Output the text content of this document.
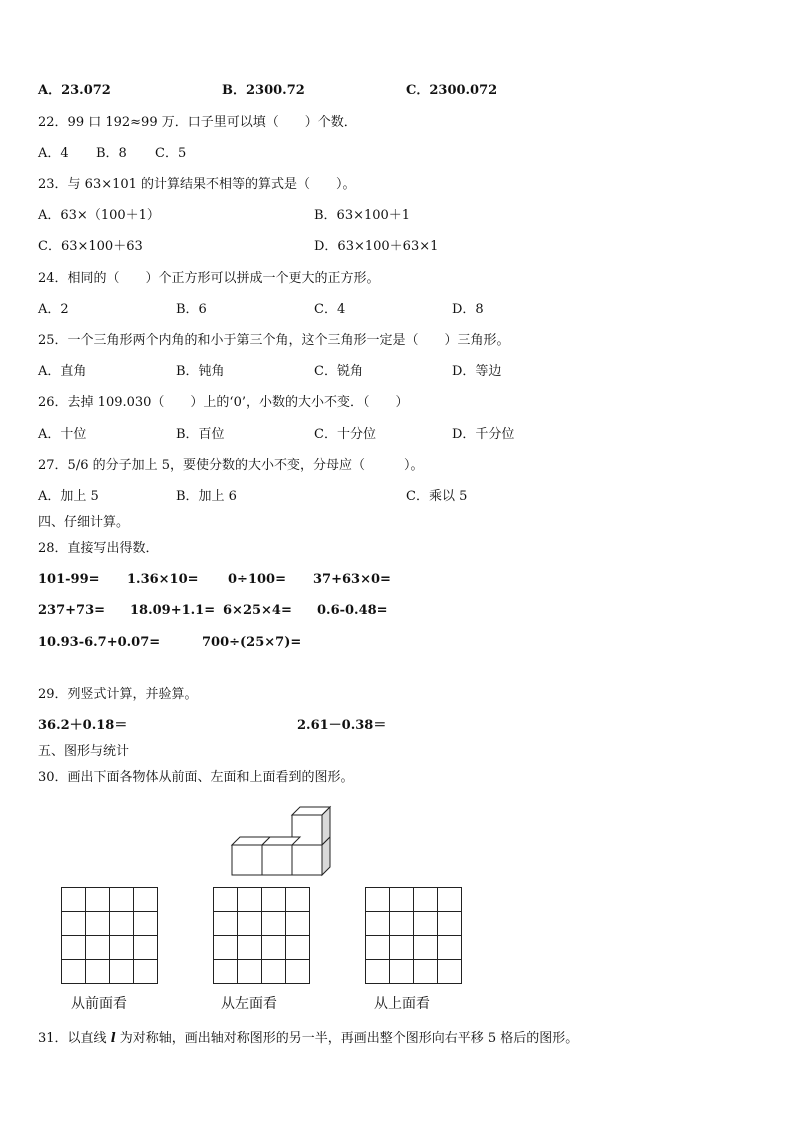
A．23.072	B．2300.72	C．2300.072
22．99 口 192≈99 万．口子里可以填（　　）个数．
A．4 B．8 C．5
23．与 63×101 的计算结果不相等的算式是（　　）。
A．63×（100＋1）	B．63×100＋1
C．63×100＋63	D．63×100＋63×1
24．相同的（　　）个正方形可以拼成一个更大的正方形。
A．2	B．6	C．4	D．8
25．一个三角形两个内角的和小于第三个角，这个三角形一定是（　　）三角形。
A．直角	B．钝角	C．锐角	D．等边
26．去掉 109.030（　　）上的‘0’，小数的大小不变．（　　）
A．十位	B．百位	C．十分位	D．千分位
27．5/6 的分子加上 5，要使分数的大小不变，分母应（　　　）。
A．加上 5	B．加上 6	C．乘以 5
四、仔细计算。
28．直接写出得数．
101-99= 1.36×10= 0÷100= 37+63×0=
237+73= 18.09+1.1= 6×25×4= 0.6-0.48=
10.93-6.7+0.07=	700÷(25×7)=
29．列竖式计算，并验算。
36.2＋0.18＝	2.61－0.38＝
五、图形与统计
30．画出下面各物体从前面、左面和上面看到的图形。
从前面看	从左面看	从上面看
31．以直线 l 为对称轴，画出轴对称图形的另一半，再画出整个图形向右平移 5 格后的图形。
